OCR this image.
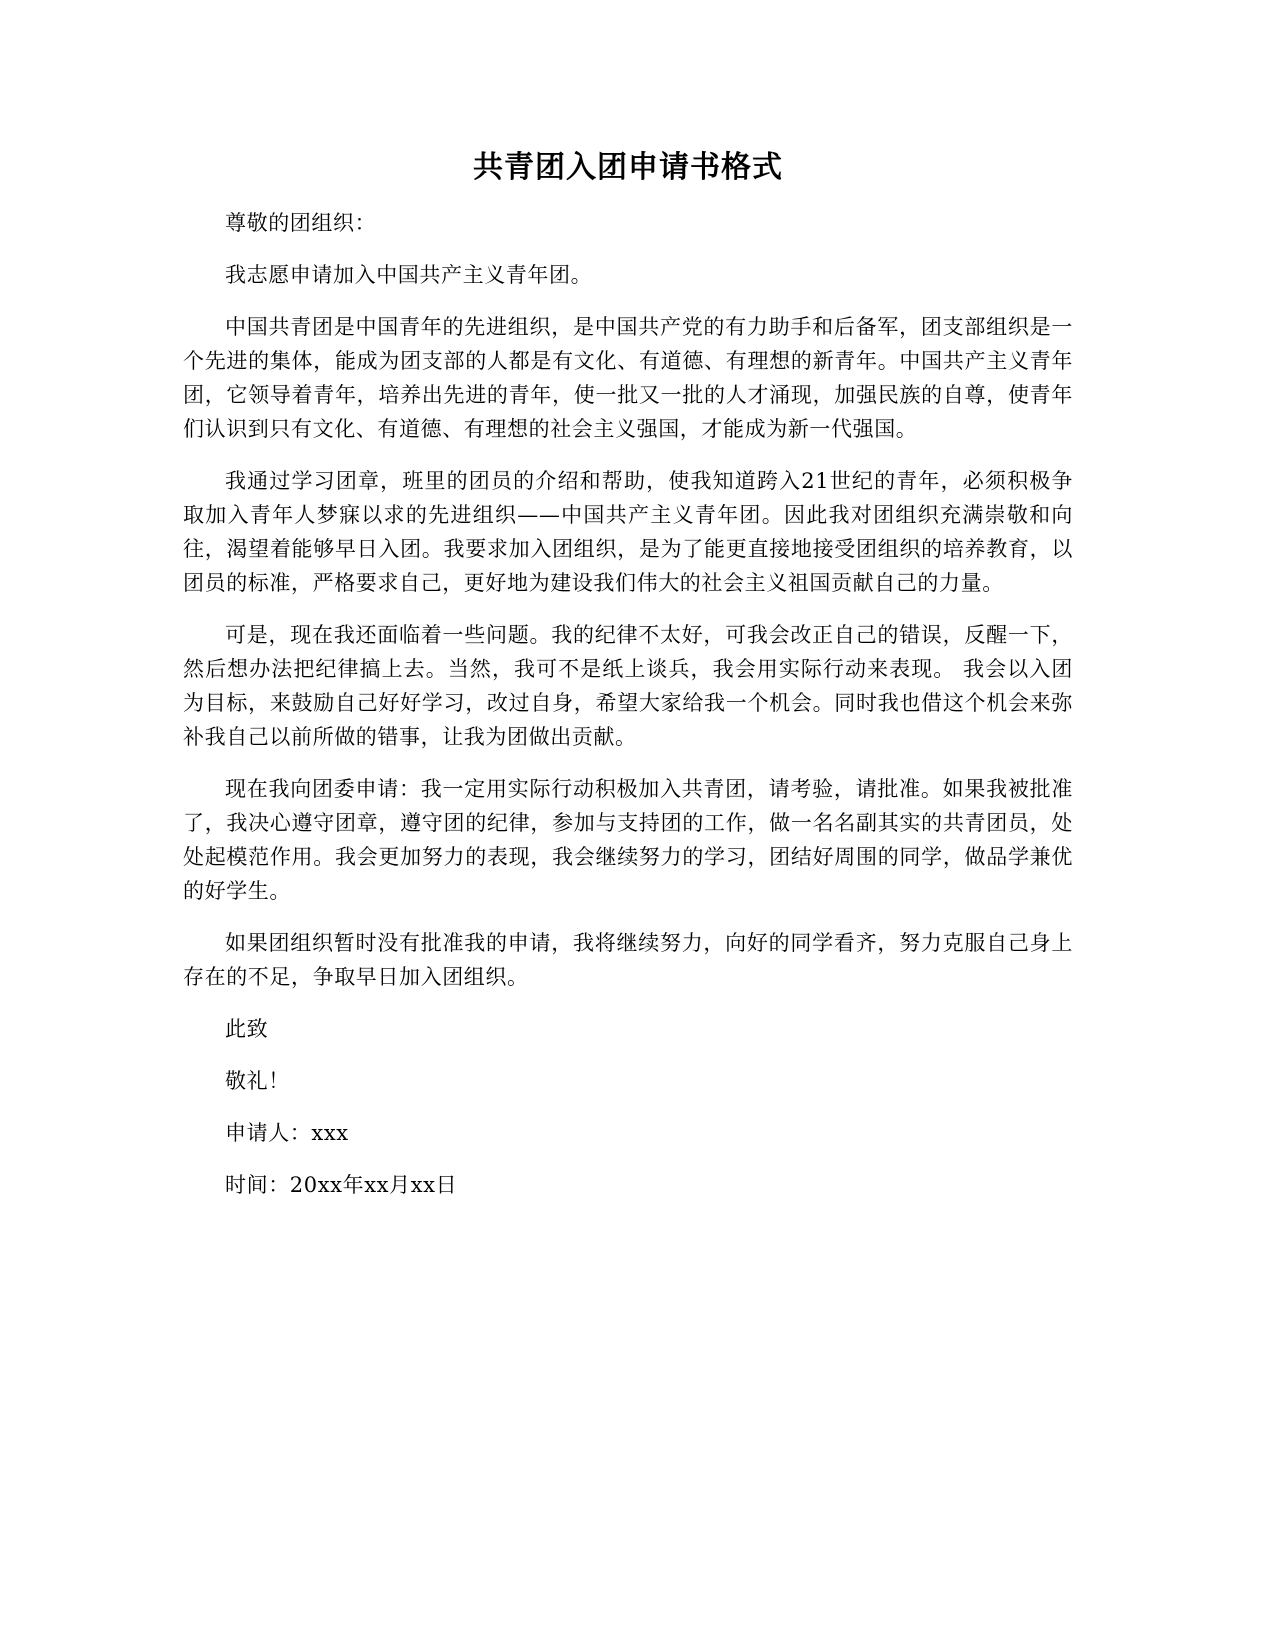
共青团入团申请书格式

尊敬的团组织：

我志愿申请加入中国共产主义青年团。

中国共青团是中国青年的先进组织，是中国共产党的有力助手和后备军，团支部组织是一个先进的集体，能成为团支部的人都是有文化、有道德、有理想的新青年。中国共产主义青年团，它领导着青年，培养出先进的青年，使一批又一批的人才涌现，加强民族的自尊，使青年们认识到只有文化、有道德、有理想的社会主义强国，才能成为新一代强国。

我通过学习团章，班里的团员的介绍和帮助，使我知道跨入21世纪的青年，必须积极争取加入青年人梦寐以求的先进组织——中国共产主义青年团。因此我对团组织充满崇敬和向往，渴望着能够早日入团。我要求加入团组织，是为了能更直接地接受团组织的培养教育，以团员的标准，严格要求自己，更好地为建设我们伟大的社会主义祖国贡献自己的力量。

可是，现在我还面临着一些问题。我的纪律不太好，可我会改正自己的错误，反醒一下，然后想办法把纪律搞上去。当然，我可不是纸上谈兵，我会用实际行动来表现。 我会以入团为目标，来鼓励自己好好学习，改过自身，希望大家给我一个机会。同时我也借这个机会来弥补我自己以前所做的错事，让我为团做出贡献。

现在我向团委申请：我一定用实际行动积极加入共青团，请考验，请批准。如果我被批准了，我决心遵守团章，遵守团的纪律，参加与支持团的工作，做一名名副其实的共青团员，处处起模范作用。我会更加努力的表现，我会继续努力的学习，团结好周围的同学，做品学兼优的好学生。

如果团组织暂时没有批准我的申请，我将继续努力，向好的同学看齐，努力克服自己身上存在的不足，争取早日加入团组织。

此致

敬礼！

申请人：xxx

时间：20xx年xx月xx日
